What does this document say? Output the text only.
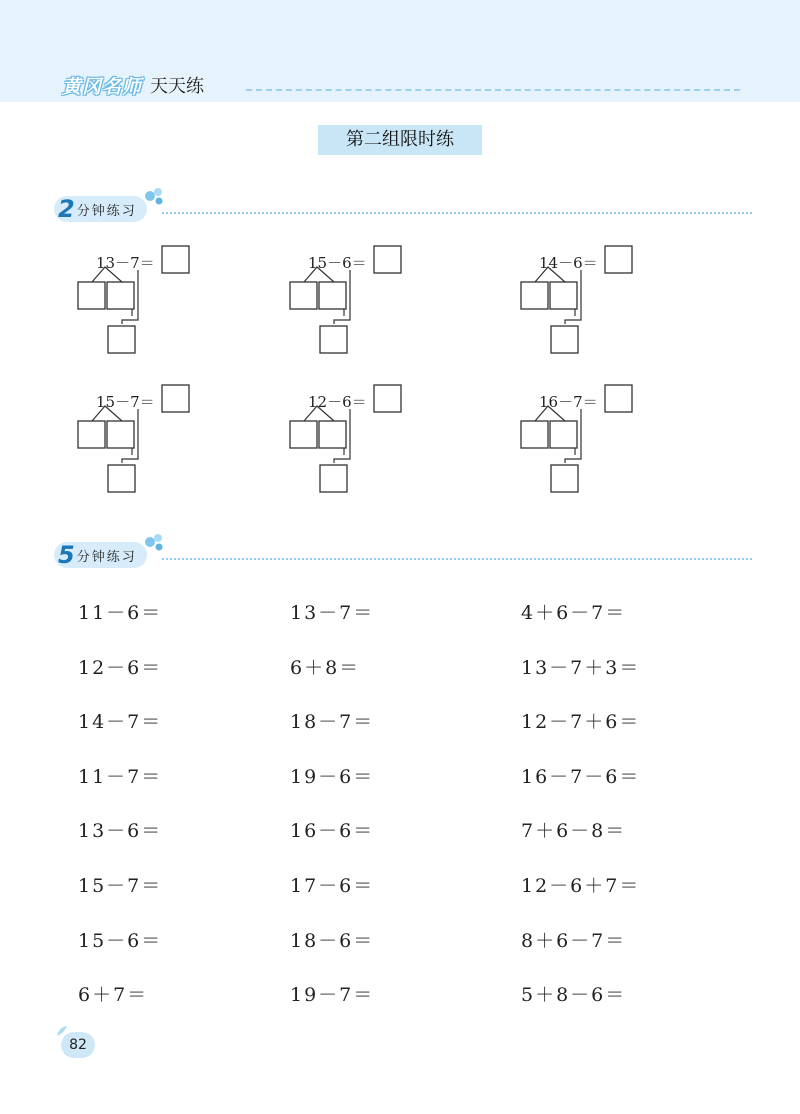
黄冈名师 天天练
第二组限时练
2 分钟练习
13－7＝	15－6＝	14－6＝
15－7＝	12－6＝	16－7＝
5 分钟练习
11－6＝	13－7＝	4＋6－7＝
12－6＝	6＋8＝	13－7＋3＝
14－7＝	18－7＝	12－7＋6＝
11－7＝	19－6＝	16－7－6＝
13－6＝	16－6＝	7＋6－8＝
15－7＝	17－6＝	12－6＋7＝
15－6＝	18－6＝	8＋6－7＝
6＋7＝	19－7＝	5＋8－6＝
82
